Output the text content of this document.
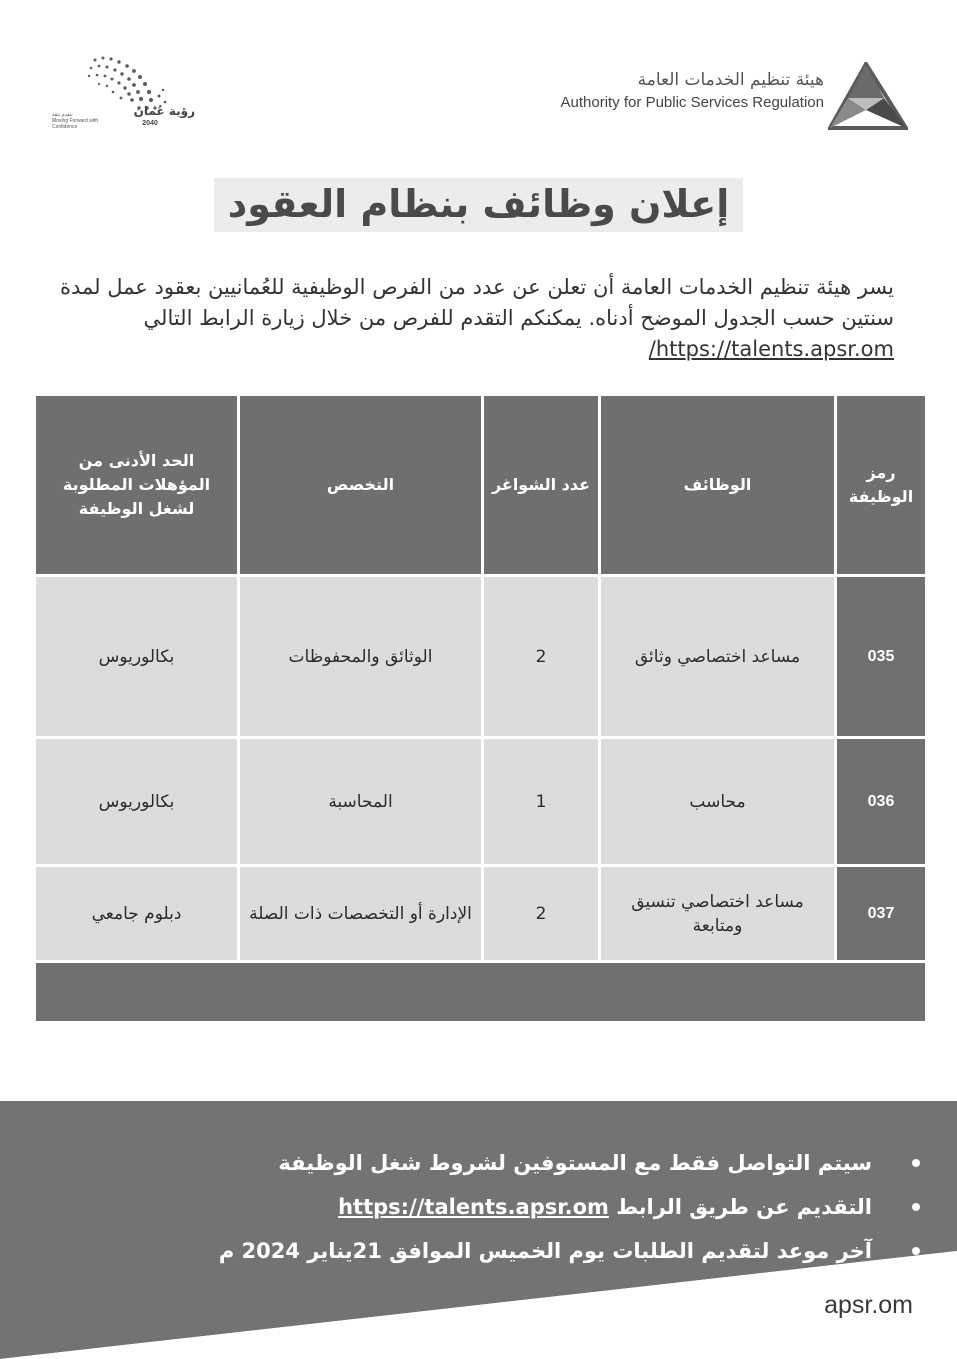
هيئة تنظيم الخدمات العامة
Authority for Public Services Regulation
رؤية عُمان
2040
نتقدم بثقة
Moving Forward with Confidence
إعلان وظائف بنظام العقود

يسر هيئة تنظيم الخدمات العامة أن تعلن عن عدد من الفرص الوظيفية للعُمانيين بعقود عمل لمدة سنتين حسب الجدول الموضح أدناه. يمكنكم التقدم للفرص من خلال زيارة الرابط التالي https://talents.apsr.om/

رمز الوظيفة	الوظائف	عدد الشواغر	التخصص	الحد الأدنى من المؤهلات المطلوبة لشغل الوظيفة
035	مساعد اختصاصي وثائق	2	الوثائق والمحفوظات	بكالوريوس
036	محاسب	1	المحاسبة	بكالوريوس
037	مساعد اختصاصي تنسيق ومتابعة	2	الإدارة أو التخصصات ذات الصلة	دبلوم جامعي

سيتم التواصل فقط مع المستوفين لشروط شغل الوظيفة
التقديم عن طريق الرابط https://talents.apsr.om
آخر موعد لتقديم الطلبات يوم الخميس الموافق 21يناير 2024 م
apsr.om
